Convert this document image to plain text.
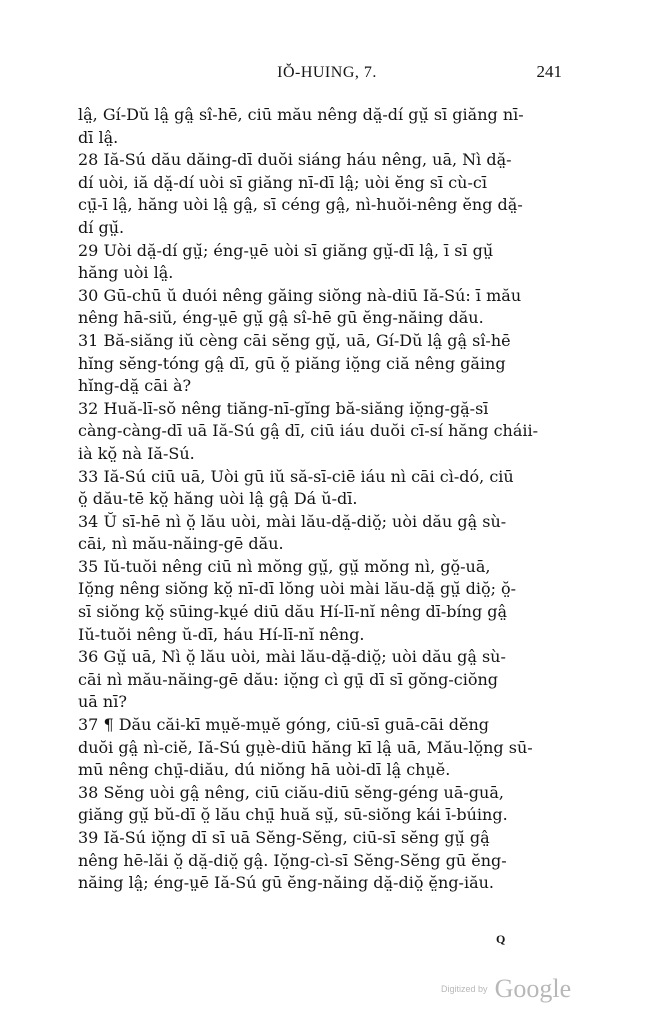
IŎ-HUING, 7.	241

lâ̤, Gí-Dŭ lâ̤ gâ̤ sî-hē, ciū mău nêng dă̤-dí gṳ̆ sī giăng nī-

dī lâ̤.

28 Iă-Sú dău dăing-dī duŏi siáng háu nêng, uā, Nì dă̤-

dí uòi, iă dă̤-dí uòi sī giăng nī-dī lâ̤; uòi ĕng sī cù-cī

cṳ̄-ī lâ̤, hăng uòi lâ̤ gâ̤, sī céng gâ̤, nì-huŏi-nêng ĕng dă̤-

dí gṳ̆.

29 Uòi dă̤-dí gṳ̆; éng-ṳē uòi sī giăng gṳ̆-dī lâ̤, ī sī gṳ̆

hăng uòi lâ̤.

30 Gū-chū ŭ duói nêng găing siŏng nà-diū Iă-Sú: ī mău

nêng hā-siŭ, éng-ṳē gṳ̆ gâ̤ sî-hē gū ĕng-năing dău.

31 Bă-siăng iŭ cèng cāi sĕng gṳ̆, uā, Gí-Dŭ lâ̤ gâ̤ sî-hē

hĭng sĕng-tóng gâ̤ dī, gū ŏ̤ piăng iŏ̤ng ciă nêng găing

hĭng-dă̤ cāi à?

32 Huă-lī-sŏ nêng tiăng-nī-gĭng bă-siăng iŏ̤ng-gă̤-sī

càng-càng-dī uā Iă-Sú gâ̤ dī, ciū iáu duŏi cī-sí hăng cháii-

ià kŏ̤ nà Iă-Sú.

33 Iă-Sú ciū uā, Uòi gū iŭ să-sī-ciē iáu nì cāi cì-dó, ciū

ŏ̤ dău-tē kŏ̤ hăng uòi lâ̤ gâ̤ Dá ŭ-dī.

34 Ŭ sī-hē nì ŏ̤ lău uòi, mài lău-dă̤-diŏ̤; uòi dău gâ̤ sù-

cāi, nì mău-năing-gē dău.

35 Iŭ-tuŏi nêng ciū nì mŏng gṳ̆, gṳ̆ mŏng nì, gŏ̤-uā,

Iŏ̤ng nêng siŏng kŏ̤ nī-dī lŏng uòi mài lău-dă̤ gṳ̆ diŏ̤; ŏ̤-

sī siŏng kŏ̤ sūing-kṳé diū dău Hí-lī-nĭ nêng dī-bíng gâ̤

Iŭ-tuŏi nêng ŭ-dī, háu Hí-lī-nĭ nêng.

36 Gṳ̆ uā, Nì ŏ̤ lău uòi, mài lău-dă̤-diŏ̤; uòi dău gâ̤ sù-

cāi nì mău-năing-gē dău: iŏ̤ng cì gṳ̄ dī sī gŏng-ciŏng

uā nī?

37 ¶ Dău căi-kī mṳĕ-mṳĕ góng, ciū-sī guā-cāi dĕng

duŏi gâ̤ nì-ciĕ, Iă-Sú gṳè-diū hăng kī lâ̤ uā, Mău-lŏ̤ng sū-

mū nêng chṳ̄-diău, dú niŏng hā uòi-dī lâ̤ chṳĕ.

38 Sĕng uòi gâ̤ nêng, ciū ciău-diū sĕng-géng uā-guā,

giăng gṳ̆ bŭ-dī ŏ̤ lău chṳ̄ huă sṳ̆, sū-siŏng kái ī-búing.

39 Iă-Sú iŏ̤ng dī sī uā Sĕng-Sĕng, ciū-sī sĕng gṳ̆ gâ̤

nêng hē-lăi ŏ̤ dă̤-diŏ̤ gâ̤. Iŏ̤ng-cì-sī Sĕng-Sĕng gū ĕng-

năing lâ̤; éng-ṳē Iă-Sú gū ĕng-năing dă̤-diŏ̤ ĕ̤ng-iău.

Q
Digitized by Google
